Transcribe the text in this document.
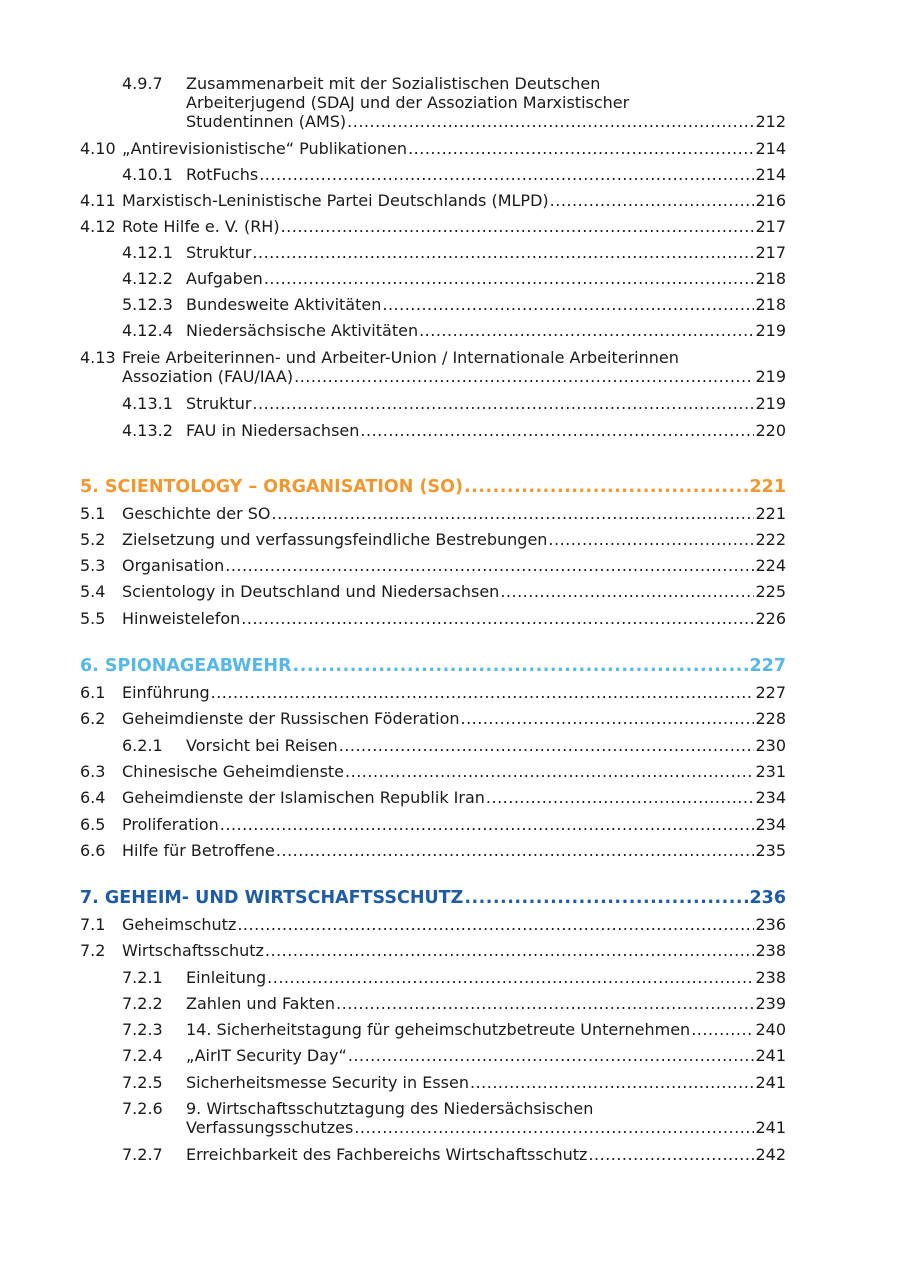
4.9.7 Zusammenarbeit mit der Sozialistischen Deutschen
Arbeiterjugend (SDAJ und der Assoziation Marxistischer
Studentinnen (AMS) .....	212
4.10 „Antirevisionistische“ Publikationen .....	214
4.10.1 RotFuchs .....	214
4.11 Marxistisch-Leninistische Partei Deutschlands (MLPD) .....	216
4.12 Rote Hilfe e. V. (RH) .....	217
4.12.1 Struktur .....	217
4.12.2 Aufgaben .....	218
5.12.3 Bundesweite Aktivitäten .....	218
4.12.4 Niedersächsische Aktivitäten .....	219
4.13 Freie Arbeiterinnen- und Arbeiter-Union / Internationale Arbeiterinnen
Assoziation (FAU/IAA) .....	219
4.13.1 Struktur .....	219
4.13.2 FAU in Niedersachsen .....	220
5. SCIENTOLOGY – ORGANISATION (SO) .....	221
5.1 Geschichte der SO .....	221
5.2 Zielsetzung und verfassungsfeindliche Bestrebungen .....	222
5.3 Organisation .....	224
5.4 Scientology in Deutschland und Niedersachsen .....	225
5.5 Hinweistelefon .....	226
6. SPIONAGEABWEHR .....	227
6.1 Einführung .....	227
6.2 Geheimdienste der Russischen Föderation .....	228
6.2.1 Vorsicht bei Reisen .....	230
6.3 Chinesische Geheimdienste .....	231
6.4 Geheimdienste der Islamischen Republik Iran .....	234
6.5 Proliferation .....	234
6.6 Hilfe für Betroffene .....	235
7. GEHEIM- UND WIRTSCHAFTSSCHUTZ .....	236
7.1 Geheimschutz .....	236
7.2 Wirtschaftsschutz .....	238
7.2.1 Einleitung .....	238
7.2.2 Zahlen und Fakten .....	239
7.2.3 14. Sicherheitstagung für geheimschutzbetreute Unternehmen .....	240
7.2.4 „AirIT Security Day“ .....	241
7.2.5 Sicherheitsmesse Security in Essen .....	241
7.2.6 9. Wirtschaftsschutztagung des Niedersächsischen
Verfassungsschutzes .....	241
7.2.7 Erreichbarkeit des Fachbereichs Wirtschaftsschutz .....	242
